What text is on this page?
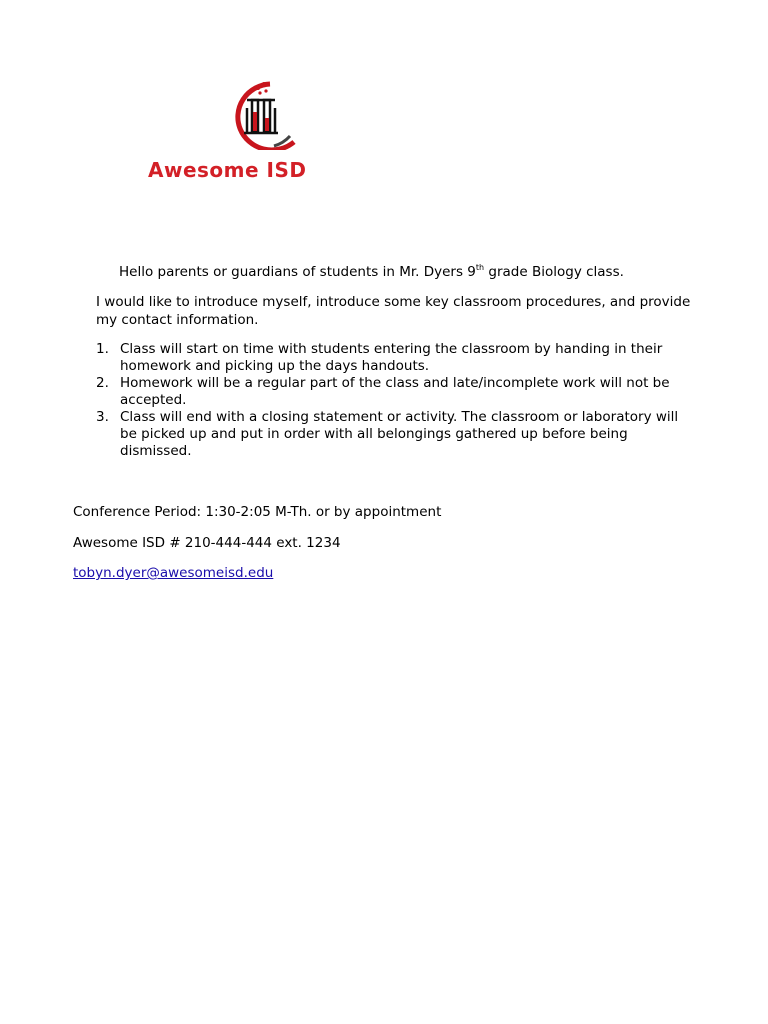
Awesome ISD
Hello parents or guardians of students in Mr. Dyers 9th grade Biology class.

I would like to introduce myself, introduce some key classroom procedures, and provide my contact information.

1. Class will start on time with students entering the classroom by handing in their homework and picking up the days handouts.
2. Homework will be a regular part of the class and late/incomplete work will not be accepted.
3. Class will end with a closing statement or activity. The classroom or laboratory will be picked up and put in order with all belongings gathered up before being dismissed.
Conference Period: 1:30-2:05 M-Th. or by appointment
Awesome ISD # 210-444-444 ext. 1234
tobyn.dyer@awesomeisd.edu
